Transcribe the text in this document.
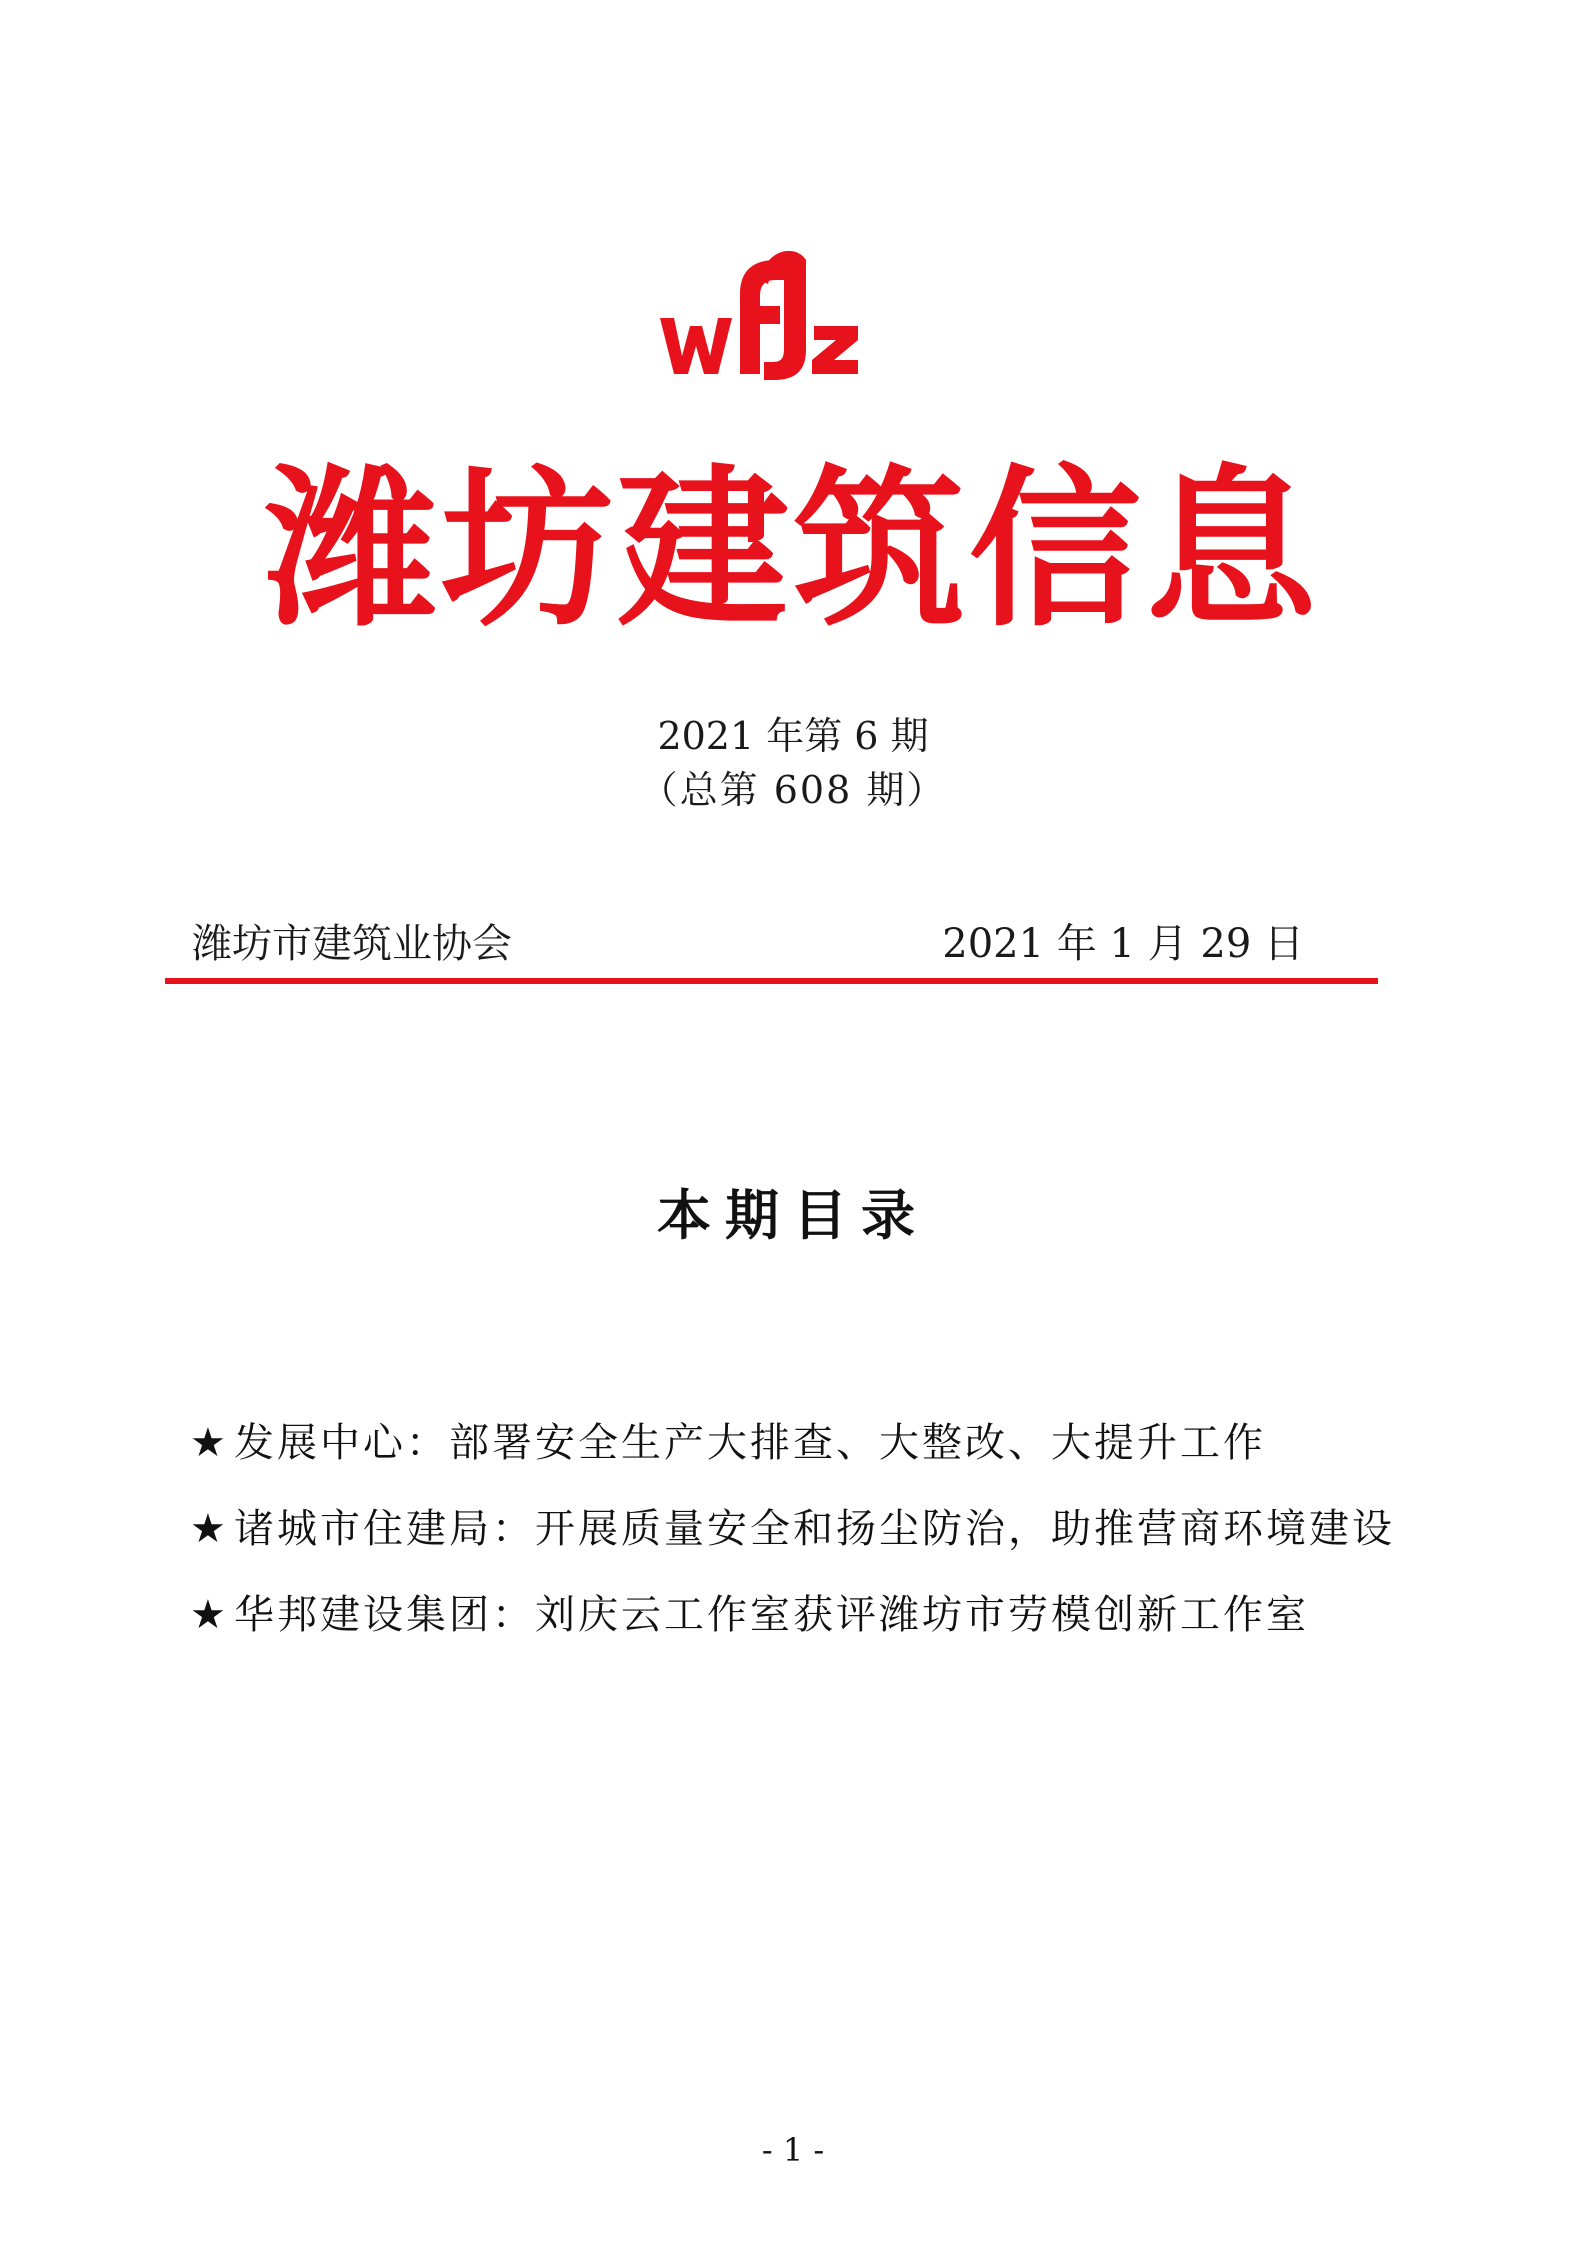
潍坊建筑信息
2021 年第 6 期
（总第 608 期）
潍坊市建筑业协会	2021 年 1 月 29 日
本期目录
★ 发展中心：部署安全生产大排查、大整改、大提升工作
★ 诸城市住建局：开展质量安全和扬尘防治，助推营商环境建设
★ 华邦建设集团：刘庆云工作室获评潍坊市劳模创新工作室
- 1 -
